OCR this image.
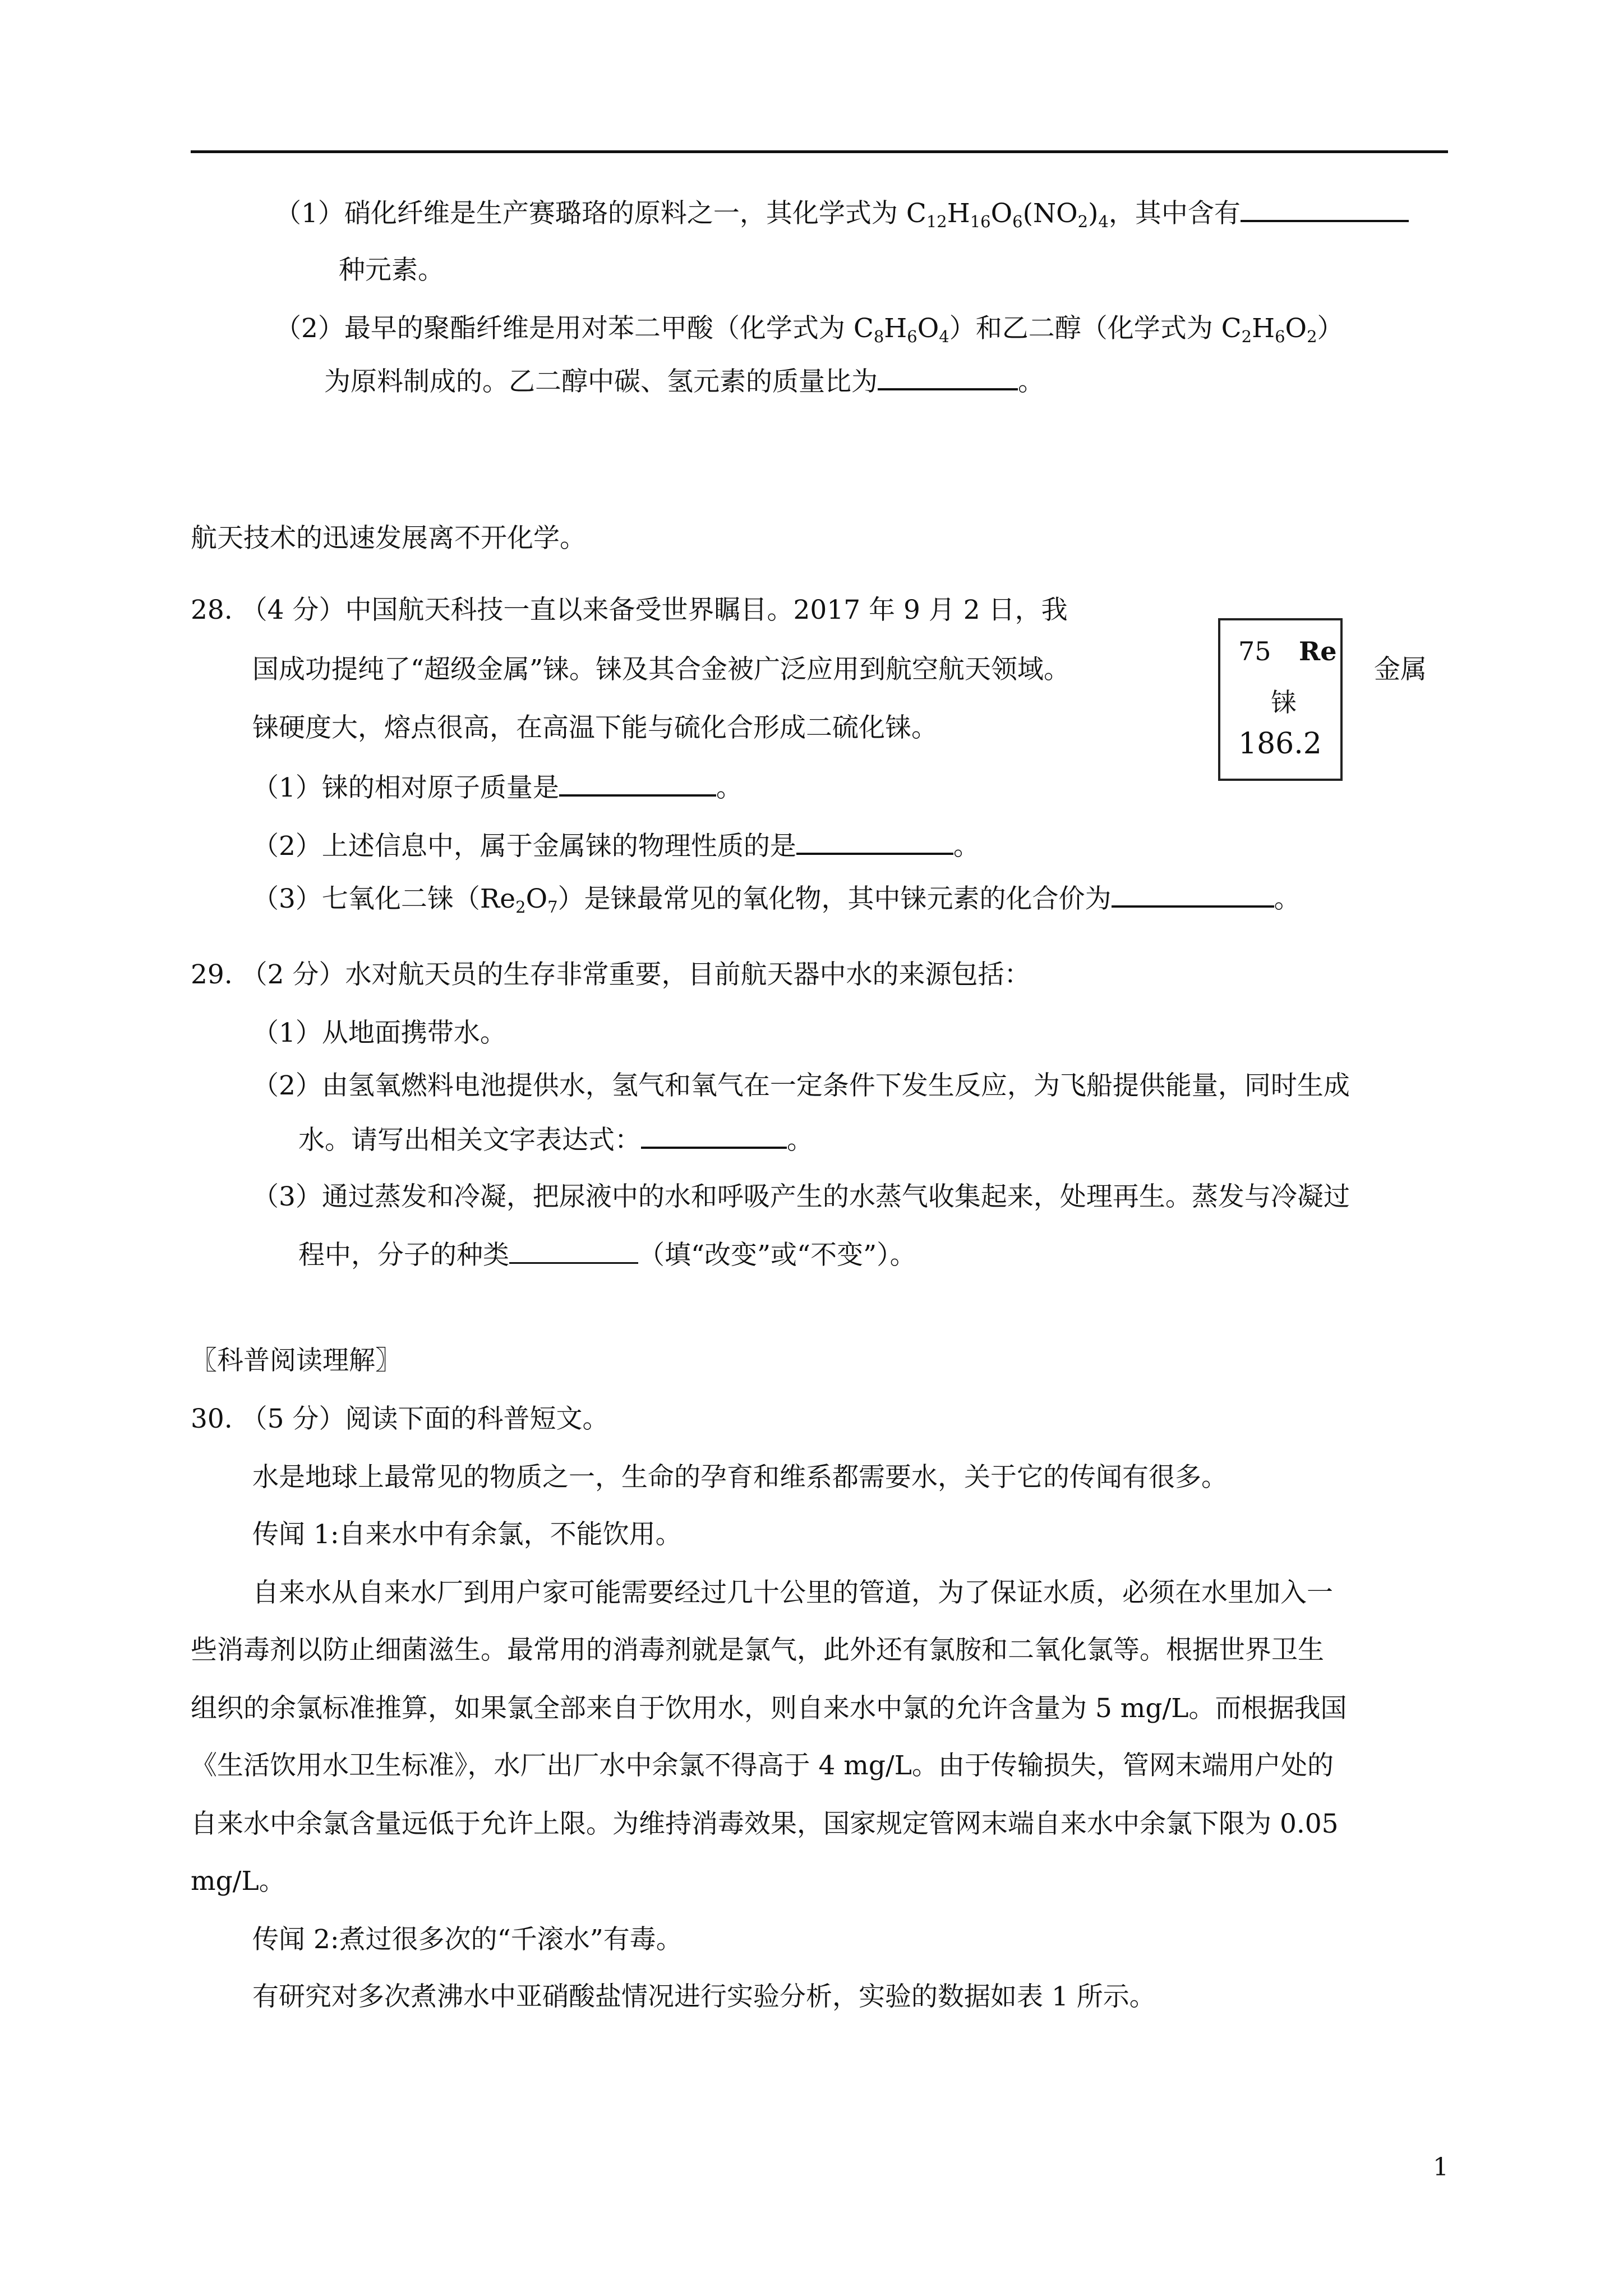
（1）硝化纤维是生产赛璐珞的原料之一，其化学式为 $C_{12}H_{16}O_6(NO_2)_4$，其中含有
种元素。
（2）最早的聚酯纤维是用对苯二甲酸（化学式为 $C_8H_6O_4$）和乙二醇（化学式为 $C_2H_6O_2$）
为原料制成的。乙二醇中碳、氢元素的质量比为	。
航天技术的迅速发展离不开化学。
28. （4 分）中国航天科技一直以来备受世界瞩目。2017 年 9 月 2 日，我
国成功提纯了“超级金属”铼。铼及其合金被广泛应用到航空航天领域。	金属
铼硬度大，熔点很高，在高温下能与硫化合形成二硫化铼。
75 Re
铼
186.2
（1）铼的相对原子质量是	。
（2）上述信息中，属于金属铼的物理性质的是	。
（3）七氧化二铼$(Re_2O_7)$是铼最常见的氧化物，其中铼元素的化合价为	。
29. （2 分）水对航天员的生存非常重要，目前航天器中水的来源包括：
（1）从地面携带水。
（2）由氢氧燃料电池提供水，氢气和氧气在一定条件下发生反应，为飞船提供能量，同时生成
水。请写出相关文字表达式：	。
（3）通过蒸发和冷凝，把尿液中的水和呼吸产生的水蒸气收集起来，处理再生。蒸发与冷凝过
程中，分子的种类	（填“改变”或“不变”）。
〖科普阅读理解〗
30. （5 分）阅读下面的科普短文。
水是地球上最常见的物质之一，生命的孕育和维系都需要水，关于它的传闻有很多。
传闻 1:自来水中有余氯，不能饮用。
自来水从自来水厂到用户家可能需要经过几十公里的管道，为了保证水质，必须在水里加入一
些消毒剂以防止细菌滋生。最常用的消毒剂就是氯气，此外还有氯胺和二氧化氯等。根据世界卫生
组织的余氯标准推算，如果氯全部来自于饮用水，则自来水中氯的允许含量为 5 mg/L。而根据我国
《生活饮用水卫生标准》，水厂出厂水中余氯不得高于 4 mg/L。由于传输损失，管网末端用户处的
自来水中余氯含量远低于允许上限。为维持消毒效果，国家规定管网末端自来水中余氯下限为 0.05
mg/L。
传闻 2:煮过很多次的“千滚水”有毒。
有研究对多次煮沸水中亚硝酸盐情况进行实验分析，实验的数据如表 1 所示。
1
